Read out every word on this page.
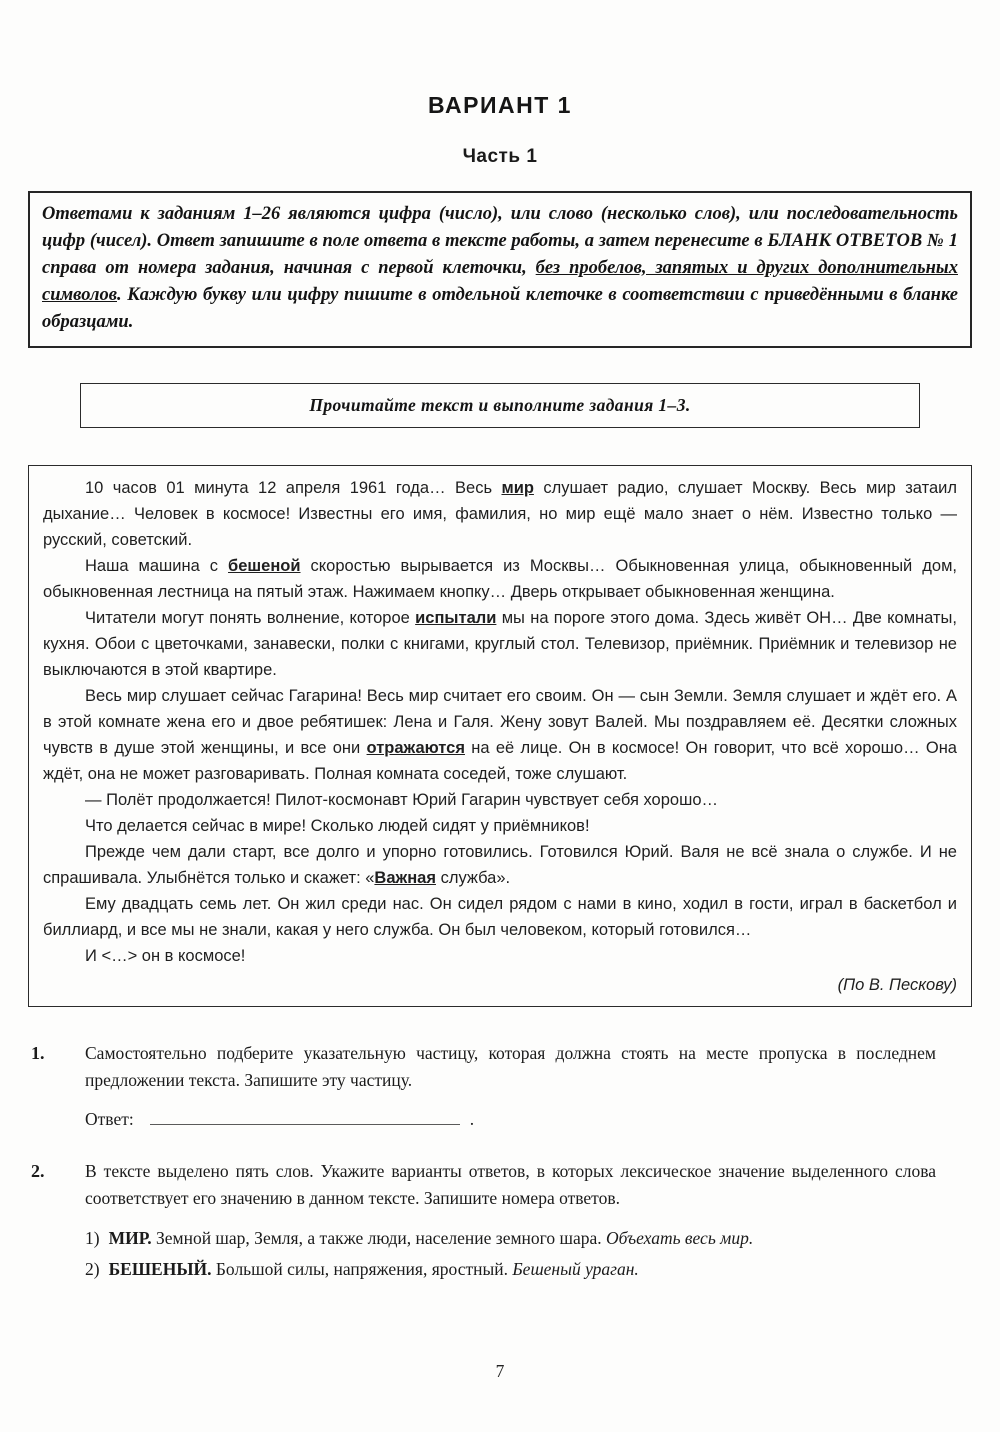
ВАРИАНТ 1
Часть 1

Ответами к заданиям 1–26 являются цифра (число), или слово (несколько слов), или последовательность цифр (чисел). Ответ запишите в поле ответа в тексте работы, а затем перенесите в БЛАНК ОТВЕТОВ № 1 справа от номера задания, начиная с первой клеточки, без пробелов, запятых и других дополнительных символов. Каждую букву или цифру пишите в отдельной клеточке в соответствии с приведёнными в бланке образцами.

Прочитайте текст и выполните задания 1–3.

10 часов 01 минута 12 апреля 1961 года… Весь мир слушает радио, слушает Москву. Весь мир затаил дыхание… Человек в космосе! Известны его имя, фамилия, но мир ещё мало знает о нём. Известно только — русский, советский.

Наша машина с бешеной скоростью вырывается из Москвы… Обыкновенная улица, обыкновенный дом, обыкновенная лестница на пятый этаж. Нажимаем кнопку… Дверь открывает обыкновенная женщина.

Читатели могут понять волнение, которое испытали мы на пороге этого дома. Здесь живёт ОН… Две комнаты, кухня. Обои с цветочками, занавески, полки с книгами, круглый стол. Телевизор, приёмник. Приёмник и телевизор не выключаются в этой квартире.

Весь мир слушает сейчас Гагарина! Весь мир считает его своим. Он — сын Земли. Земля слушает и ждёт его. А в этой комнате жена его и двое ребятишек: Лена и Галя. Жену зовут Валей. Мы поздравляем её. Десятки сложных чувств в душе этой женщины, и все они отражаются на её лице. Он в космосе! Он говорит, что всё хорошо… Она ждёт, она не может разговаривать. Полная комната соседей, тоже слушают.

— Полёт продолжается! Пилот-космонавт Юрий Гагарин чувствует себя хорошо…

Что делается сейчас в мире! Сколько людей сидят у приёмников!

Прежде чем дали старт, все долго и упорно готовились. Готовился Юрий. Валя не всё знала о службе. И не спрашивала. Улыбнётся только и скажет: «Важная служба».

Ему двадцать семь лет. Он жил среди нас. Он сидел рядом с нами в кино, ходил в гости, играл в баскетбол и биллиард, и все мы не знали, какая у него служба. Он был человеком, который готовился…

И <…> он в космосе!

(По В. Пескову)

1.	Самостоятельно подберите указательную частицу, которая должна стоять на месте пропуска в последнем предложении текста. Запишите эту частицу.

Ответ:	.

2.	В тексте выделено пять слов. Укажите варианты ответов, в которых лексическое значение выделенного слова соответствует его значению в данном тексте. Запишите номера ответов.

1) МИР. Земной шар, Земля, а также люди, население земного шара. Объехать весь мир.

2) БЕШЕНЫЙ. Большой силы, напряжения, яростный. Бешеный ураган.

7
